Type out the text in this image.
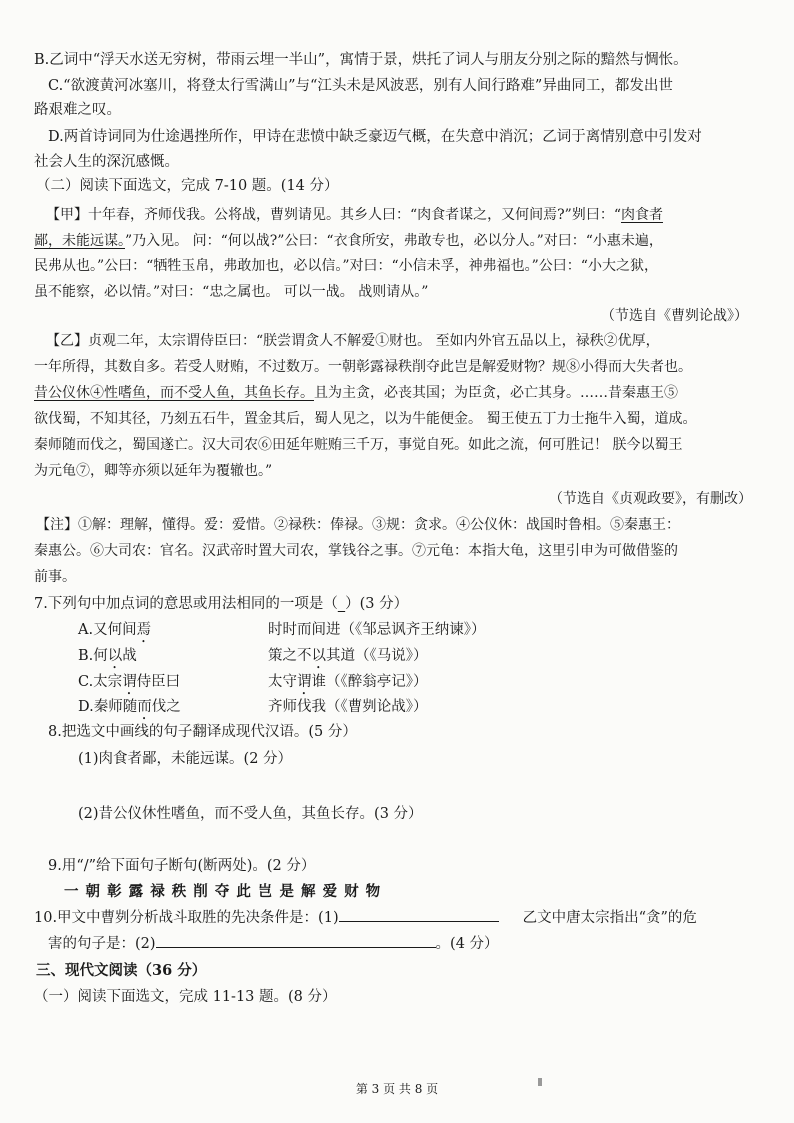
B.乙词中“浮天水送无穷树，带雨云埋一半山”，寓情于景，烘托了词人与朋友分别之际的黯然与惆怅。
C.“欲渡黄河冰塞川，将登太行雪满山”与“江头未是风波恶，别有人间行路难”异曲同工，都发出世
路艰难之叹。
D.两首诗词同为仕途遇挫所作，甲诗在悲愤中缺乏豪迈气概，在失意中消沉；乙词于离情别意中引发对
社会人生的深沉感慨。
（二）阅读下面选文，完成 7-10 题。(14 分）
【甲】十年春，齐师伐我。公将战，曹刿请见。其乡人曰：“肉食者谋之，又何间焉?”刿曰：“肉食者
鄙，未能远谋。”乃入见。 问：“何以战?”公曰：“衣食所安，弗敢专也，必以分人。”对曰：“小惠未遍，
民弗从也。”公曰：“牺牲玉帛，弗敢加也，必以信。”对曰：“小信未孚，神弗福也。”公曰：“小大之狱，
虽不能察，必以情。”对曰：“忠之属也。 可以一战。 战则请从。”
（节选自《曹刿论战》）
【乙】贞观二年，太宗谓侍臣曰：“朕尝谓贪人不解爱①财也。 至如内外官五品以上，禄秩②优厚，
一年所得，其数自多。若受人财贿，不过数万。一朝彰露禄秩削夺此岂是解爱财物？规⑧小得而大失者也。
昔公仪休④性嗜鱼，而不受人鱼，其鱼长存。且为主贪，必丧其国；为臣贪，必亡其身。……昔秦惠王⑤
欲伐蜀，不知其径，乃刻五石牛，置金其后，蜀人见之，以为牛能便金。 蜀王使五丁力士拖牛入蜀，道成。
秦师随而伐之，蜀国遂亡。汉大司农⑥田延年赃贿三千万，事觉自死。如此之流，何可胜记！ 朕今以蜀王
为元龟⑦，卿等亦须以延年为覆辙也。”
（节选自《贞观政要》，有删改）
【注】①解：理解，懂得。爱：爱惜。②禄秩：俸禄。③规：贪求。④公仪休：战国时鲁相。⑤秦惠王：
秦惠公。⑥大司农：官名。汉武帝时置大司农，掌钱谷之事。⑦元龟：本指大龟，这里引申为可做借鉴的
前事。
7.下列句中加点词的意思或用法相同的一项是（_）(3 分）
A.又何间焉	时时而间进（《邹忌讽齐王纳谏》）
B.何以战	策之不以其道（《马说》）
C.太宗谓侍臣曰	太守谓谁（《醉翁亭记》）
D.秦师随而伐之	齐师伐我（《曹刿论战》）
8.把选文中画线的句子翻译成现代汉语。(5 分）
(1)肉食者鄙，未能远谋。(2 分）
(2)昔公仪休性嗜鱼，而不受人鱼，其鱼长存。(3 分）
9.用“/”给下面句子断句(断两处)。(2 分）
一 朝 彰 露 禄 秩 削 夺 此 岂 是 解 爱 财 物
10.甲文中曹刿分析战斗取胜的先决条件是：(1)	乙文中唐太宗指出“贪”的危
害的句子是：(2)	。(4 分）
三、现代文阅读（36 分）
（一）阅读下面选文，完成 11-13 题。(8 分）
第 3 页 共 8 页
